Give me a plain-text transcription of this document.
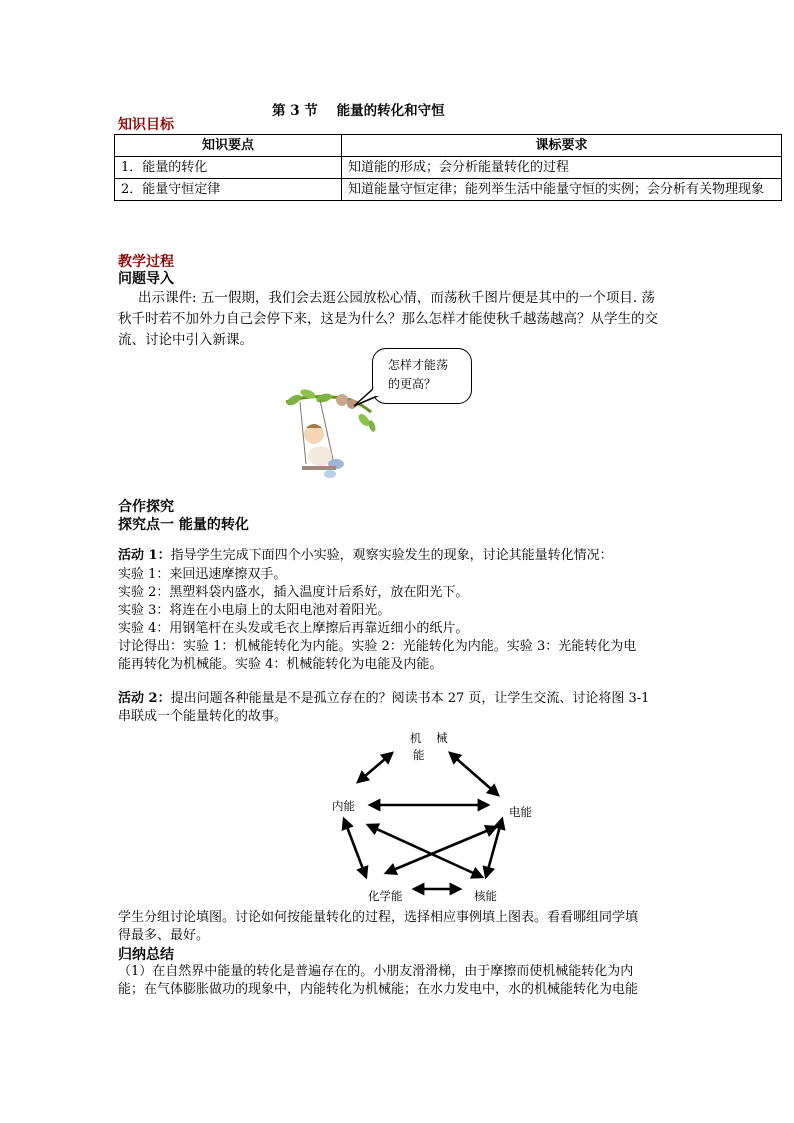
第 3 节    能量的转化和守恒
知识目标
知识要点	课标要求
1．能量的转化	知道能的形成；会分析能量转化的过程
2．能量守恒定律	知道能量守恒定律；能列举生活中能量守恒的实例；会分析有关物理现象
教学过程
问题导入
出示课件: 五一假期，我们会去逛公园放松心情，而荡秋千图片便是其中的一个项目. 荡
秋千时若不加外力自己会停下来，这是为什么？那么怎样才能使秋千越荡越高？从学生的交
流、讨论中引入新课。
怎样才能荡
的更高？
合作探究
探究点一 能量的转化
活动 1：指导学生完成下面四个小实验，观察实验发生的现象，讨论其能量转化情况：
实验 1：来回迅速摩擦双手。
实验 2：黑塑料袋内盛水，插入温度计后系好，放在阳光下。
实验 3：将连在小电扇上的太阳电池对着阳光。
实验 4：用钢笔杆在头发或毛衣上摩擦后再靠近细小的纸片。
讨论得出：实验 1：机械能转化为内能。实验 2：光能转化为内能。实验 3：光能转化为电
能再转化为机械能。实验 4：机械能转化为电能及内能。
活动 2：提出问题各种能量是不是孤立存在的？阅读书本 27 页，让学生交流、讨论将图 3-1
串联成一个能量转化的故事。
机    械
能
内能	电能
化学能	核能
学生分组讨论填图。讨论如何按能量转化的过程，选择相应事例填上图表。看看哪组同学填
得最多、最好。
归纳总结
（1）在自然界中能量的转化是普遍存在的。小朋友滑滑梯，由于摩擦而使机械能转化为内
能；在气体膨胀做功的现象中，内能转化为机械能；在水力发电中，水的机械能转化为电能
